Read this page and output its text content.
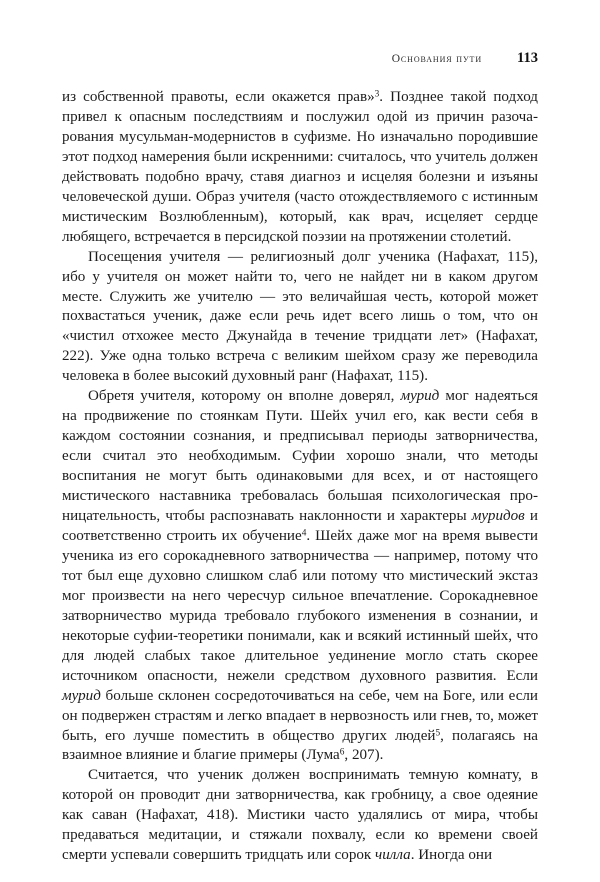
Основания пути	113

из собственной правоты, если окажется прав»$^3$. Позднее такой подход привел к опасным последствиям и послужил одой из причин разочарования мусульман-модернистов в суфизме. Но изначально породившие этот подход намерения были искренними: считалось, что учитель должен действовать подобно врачу, ставя диагноз и исцеляя болезни и изъяны человеческой души. Образ учителя (часто отождествляемого с истинным мистическим Возлюбленным), который, как врач, исцеляет сердце любящего, встречается в персидской поэзии на протяжении столетий.

Посещения учителя — религиозный долг ученика (Нафахат, 115), ибо у учителя он может найти то, чего не найдет ни в каком другом месте. Служить же учителю — это величайшая честь, которой может похвастаться ученик, даже если речь идет всего лишь о том, что он «чистил отхожее место Джунайда в течение тридцати лет» (Нафахат, 222). Уже одна только встреча с великим шейхом сразу же переводила человека в более высокий духовный ранг (Нафахат, 115).

Обретя учителя, которому он вполне доверял, мурид мог надеяться на продвижение по стоянкам Пути. Шейх учил его, как вести себя в каждом состоянии сознания, и предписывал периоды затворничества, если считал это необходимым. Суфии хорошо знали, что методы воспитания не могут быть одинаковыми для всех, и от настоящего мистического наставника требовалась большая психологическая проницательность, чтобы распознавать наклонности и характеры муридов и соответственно строить их обучение$^4$. Шейх даже мог на время вывести ученика из его сорокадневного затворничества — например, потому что тот был еще духовно слишком слаб или потому что мистический экстаз мог произвести на него чересчур сильное впечатление. Сорокадневное затворничество мурида требовало глубокого изменения в сознании, и некоторые суфии-теоретики понимали, как и всякий истинный шейх, что для людей слабых такое длительное уединение могло стать скорее источником опасности, нежели средством духовного развития. Если мурид больше склонен сосредоточиваться на себе, чем на Боге, или если он подвержен страстям и легко впадает в нервозность или гнев, то, может быть, его лучше поместить в общество других людей$^5$, полагаясь на взаимное влияние и благие примеры (Лума$^6$, 207).

Считается, что ученик должен воспринимать темную комнату, в которой он проводит дни затворничества, как гробницу, а свое одеяние как саван (Нафахат, 418). Мистики часто удалялись от мира, чтобы предаваться медитации, и стяжали похвалу, если ко времени своей смерти успевали совершить тридцать или сорок чилла. Иногда они
